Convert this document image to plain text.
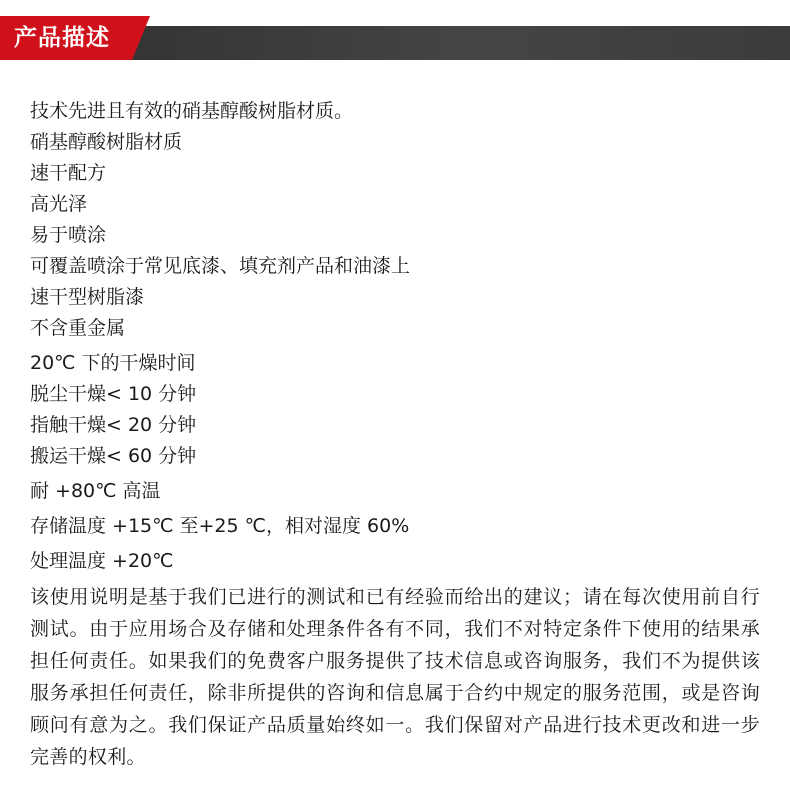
产品描述
技术先进且有效的硝基醇酸树脂材质。
硝基醇酸树脂材质
速干配方
高光泽
易于喷涂
可覆盖喷涂于常见底漆、填充剂产品和油漆上
速干型树脂漆
不含重金属
20℃ 下的干燥时间
脱尘干燥< 10 分钟
指触干燥< 20 分钟
搬运干燥< 60 分钟
耐 +80℃ 高温
存储温度 +15℃ 至+25 ℃，相对湿度 60%
处理温度 +20℃
该使用说明是基于我们已进行的测试和已有经验而给出的建议；请在每次使用前自行测试。由于应用场合及存储和处理条件各有不同，我们不对特定条件下使用的结果承担任何责任。如果我们的免费客户服务提供了技术信息或咨询服务，我们不为提供该服务承担任何责任，除非所提供的咨询和信息属于合约中规定的服务范围，或是咨询顾问有意为之。我们保证产品质量始终如一。我们保留对产品进行技术更改和进一步完善的权利。
